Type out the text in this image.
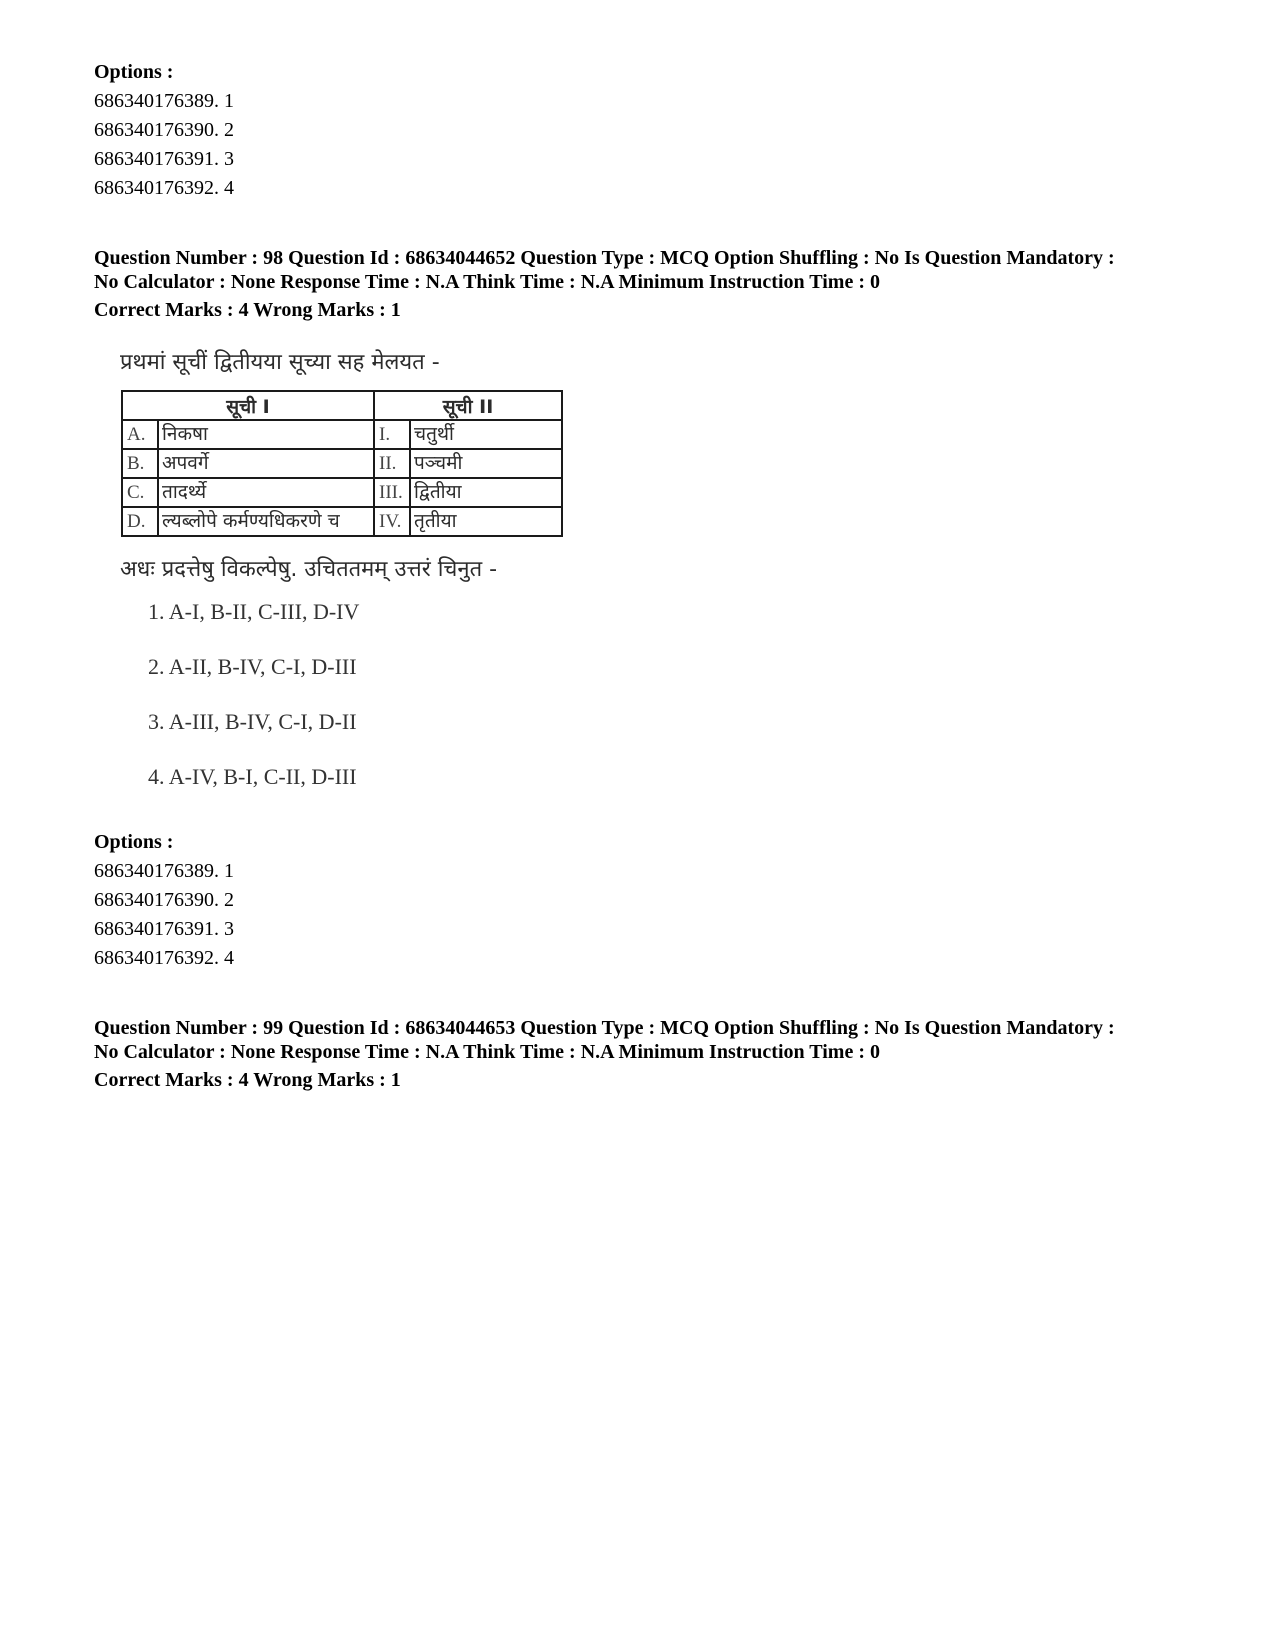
Options :
686340176389. 1
686340176390. 2
686340176391. 3
686340176392. 4
Question Number : 98 Question Id : 68634044652 Question Type : MCQ Option Shuffling : No Is Question Mandatory :
No Calculator : None Response Time : N.A Think Time : N.A Minimum Instruction Time : 0
Correct Marks : 4 Wrong Marks : 1
प्रथमां सूचीं द्वितीयया सूच्या सह मेलयत -
सूची I	सूची II
A. निकषा	I. चतुर्थी
B. अपवर्गे	II. पञ्चमी
C. तादर्थ्ये	III. द्वितीया
D. ल्यब्लोपे कर्मण्यधिकरणे च	IV. तृतीया
अधः प्रदत्तेषु विकल्पेषु. उचिततमम् उत्तरं चिनुत -
1. A-I, B-II, C-III, D-IV
2. A-II, B-IV, C-I, D-III
3. A-III, B-IV, C-I, D-II
4. A-IV, B-I, C-II, D-III
Options :
686340176389. 1
686340176390. 2
686340176391. 3
686340176392. 4
Question Number : 99 Question Id : 68634044653 Question Type : MCQ Option Shuffling : No Is Question Mandatory :
No Calculator : None Response Time : N.A Think Time : N.A Minimum Instruction Time : 0
Correct Marks : 4 Wrong Marks : 1
